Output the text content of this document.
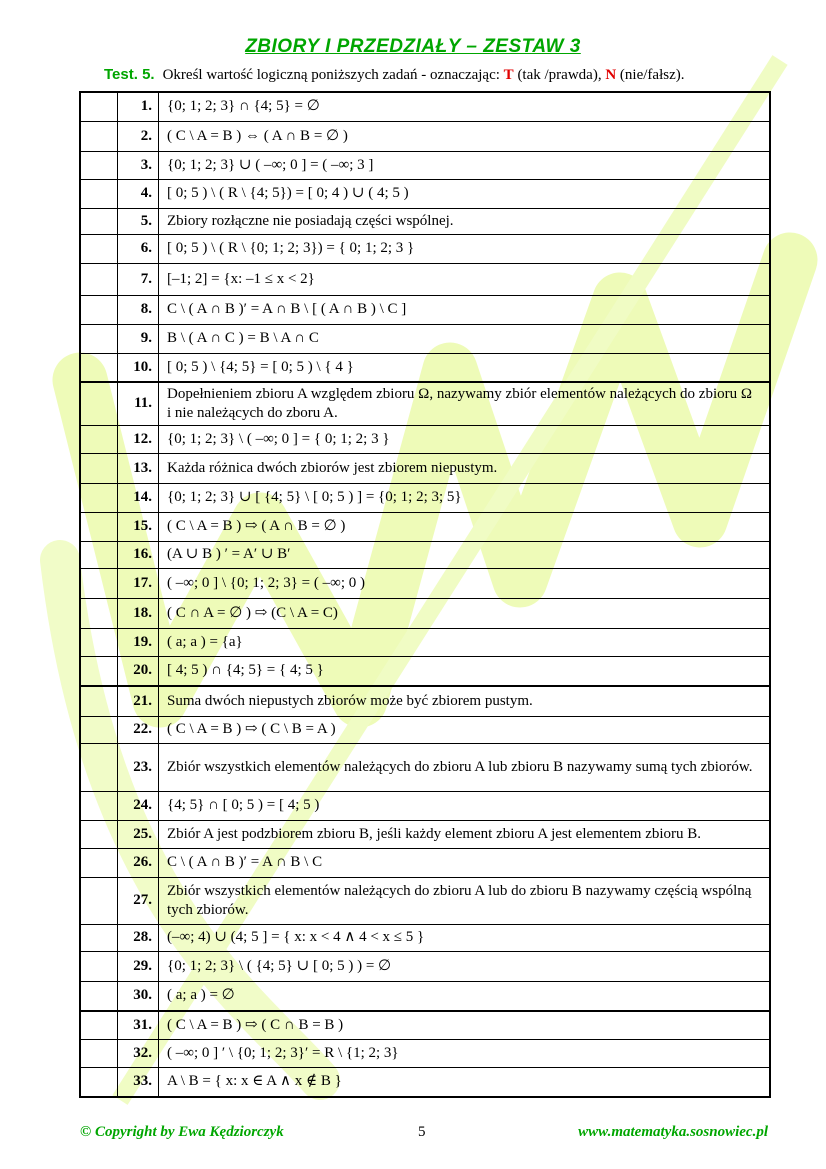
ZBIORY I PRZEDZIAŁY – ZESTAW 3
Test. 5. Określ wartość logiczną poniższych zadań - oznaczając: T (tak /prawda), N (nie/fałsz).
	1.	{0; 1; 2; 3} ∩ {4; 5} = ∅
	2.	( C \ A = B ) ⇔ ( A ∩ B = ∅ )
	3.	{0; 1; 2; 3} ∪ ( –∞; 0 ] = ( –∞; 3 ]
	4.	[ 0; 5 ) \ ( R \ {4; 5}) = [ 0; 4 ) ∪ ( 4; 5 )
	5.	Zbiory rozłączne nie posiadają części wspólnej.
	6.	[ 0; 5 ) \ ( R \ {0; 1; 2; 3}) = { 0; 1; 2; 3 }
	7.	[–1; 2] = {x: –1 ≤ x < 2}
	8.	C \ ( A ∩ B )′ = A ∩ B \ [ ( A ∩ B ) \ C ]
	9.	B \ ( A ∩ C ) = B \ A ∩ C
	10.	[ 0; 5 ) \ {4; 5} = [ 0; 5 ) \ { 4 }
	11.	Dopełnieniem zbioru A względem zbioru Ω, nazywamy zbiór elementów należących do zbioru Ω i nie należących do zboru A.
	12.	{0; 1; 2; 3} \ ( –∞; 0 ] = { 0; 1; 2; 3 }
	13.	Każda różnica dwóch zbiorów jest zbiorem niepustym.
	14.	{0; 1; 2; 3} ∪ [ {4; 5} \ [ 0; 5 ) ] = {0; 1; 2; 3; 5}
	15.	( C \ A = B ) ⇨ ( A ∩ B = ∅ )
	16.	(A ∪ B ) ′ = A′ ∪ B′
	17.	( –∞; 0 ] \ {0; 1; 2; 3} = ( –∞; 0 )
	18.	( C ∩ A = ∅ ) ⇨ (C \ A = C)
	19.	( a; a ) = {a}
	20.	[ 4; 5 ) ∩ {4; 5} = { 4; 5 }
	21.	Suma dwóch niepustych zbiorów może być zbiorem pustym.
	22.	( C \ A = B ) ⇨ ( C \ B = A )
	23.	Zbiór wszystkich elementów należących do zbioru A lub zbioru B nazywamy sumą tych zbiorów.
	24.	{4; 5} ∩ [ 0; 5 ) = [ 4; 5 )
	25.	Zbiór A jest podzbiorem zbioru B, jeśli każdy element zbioru A jest elementem zbioru B.
	26.	C \ ( A ∩ B )′ = A ∩ B \ C
	27.	Zbiór wszystkich elementów należących do zbioru A lub do zbioru B nazywamy częścią wspólną tych zbiorów.
	28.	(–∞; 4) ∪ (4; 5 ] = { x: x < 4 ∧ 4 < x ≤ 5 }
	29.	{0; 1; 2; 3} \ ( {4; 5} ∪ [ 0; 5 ) ) = ∅
	30.	( a; a ) = ∅
	31.	( C \ A = B ) ⇨ ( C ∩ B = B )
	32.	( –∞; 0 ] ′ \ {0; 1; 2; 3}′ = R \ {1; 2; 3}
	33.	A \ B = { x: x ∈ A ∧ x ∉ B }
© Copyright by Ewa Kędziorczyk	5	www.matematyka.sosnowiec.pl
